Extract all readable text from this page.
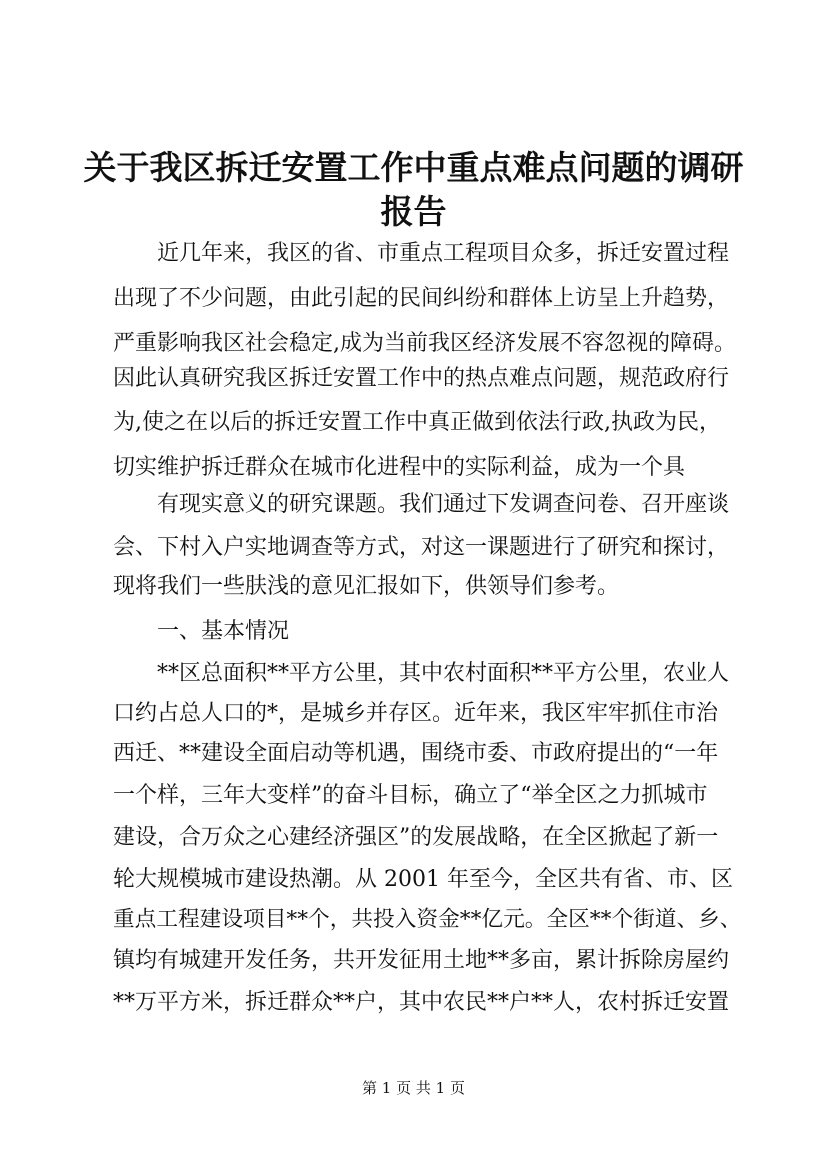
关于我区拆迁安置工作中重点难点问题的调研
报告
近几年来，我区的省、市重点工程项目众多，拆迁安置过程
出现了不少问题，由此引起的民间纠纷和群体上访呈上升趋势，
严重影响我区社会稳定,成为当前我区经济发展不容忽视的障碍。
因此认真研究我区拆迁安置工作中的热点难点问题，规范政府行
为,使之在以后的拆迁安置工作中真正做到依法行政,执政为民，
切实维护拆迁群众在城市化进程中的实际利益，成为一个具
有现实意义的研究课题。我们通过下发调查问卷、召开座谈
会、下村入户实地调查等方式，对这一课题进行了研究和探讨，
现将我们一些肤浅的意见汇报如下，供领导们参考。
一、基本情况
**区总面积**平方公里，其中农村面积**平方公里，农业人
口约占总人口的*，是城乡并存区。近年来，我区牢牢抓住市治
西迁、**建设全面启动等机遇，围绕市委、市政府提出的“一年
一个样，三年大变样”的奋斗目标，确立了“举全区之力抓城市
建设，合万众之心建经济强区”的发展战略，在全区掀起了新一
轮大规模城市建设热潮。从 2001 年至今，全区共有省、市、区
重点工程建设项目**个，共投入资金**亿元。全区**个街道、乡、
镇均有城建开发任务，共开发征用土地**多亩，累计拆除房屋约
**万平方米，拆迁群众**户，其中农民**户**人，农村拆迁安置
第 1 页 共 1 页
